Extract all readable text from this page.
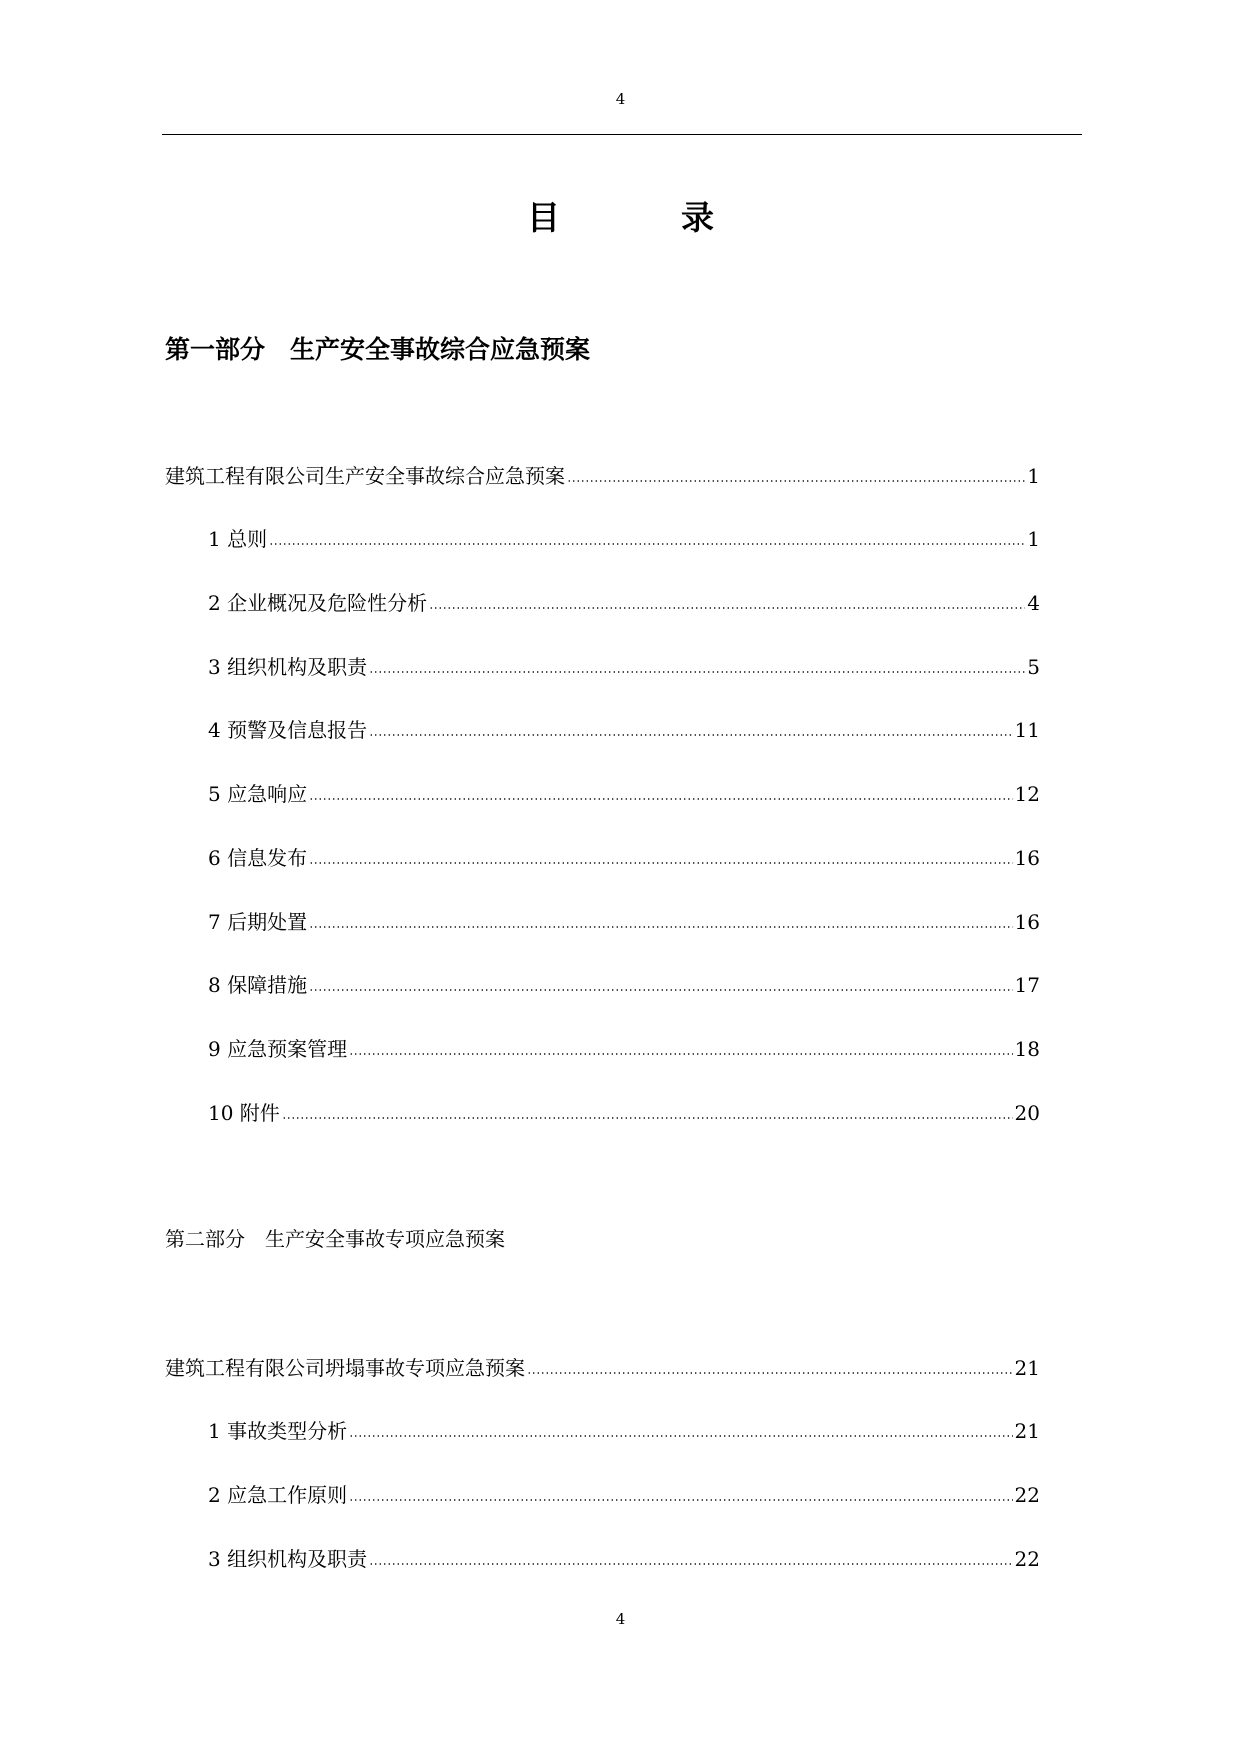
4
目　录
第一部分　生产安全事故综合应急预案
建筑工程有限公司生产安全事故综合应急预案	1
1 总则	1
2 企业概况及危险性分析	4
3 组织机构及职责	5
4 预警及信息报告	11
5 应急响应	12
6 信息发布	16
7 后期处置	16
8 保障措施	17
9 应急预案管理	18
10 附件	20
第二部分　生产安全事故专项应急预案
建筑工程有限公司坍塌事故专项应急预案	21
1 事故类型分析	21
2 应急工作原则	22
3 组织机构及职责	22
4
